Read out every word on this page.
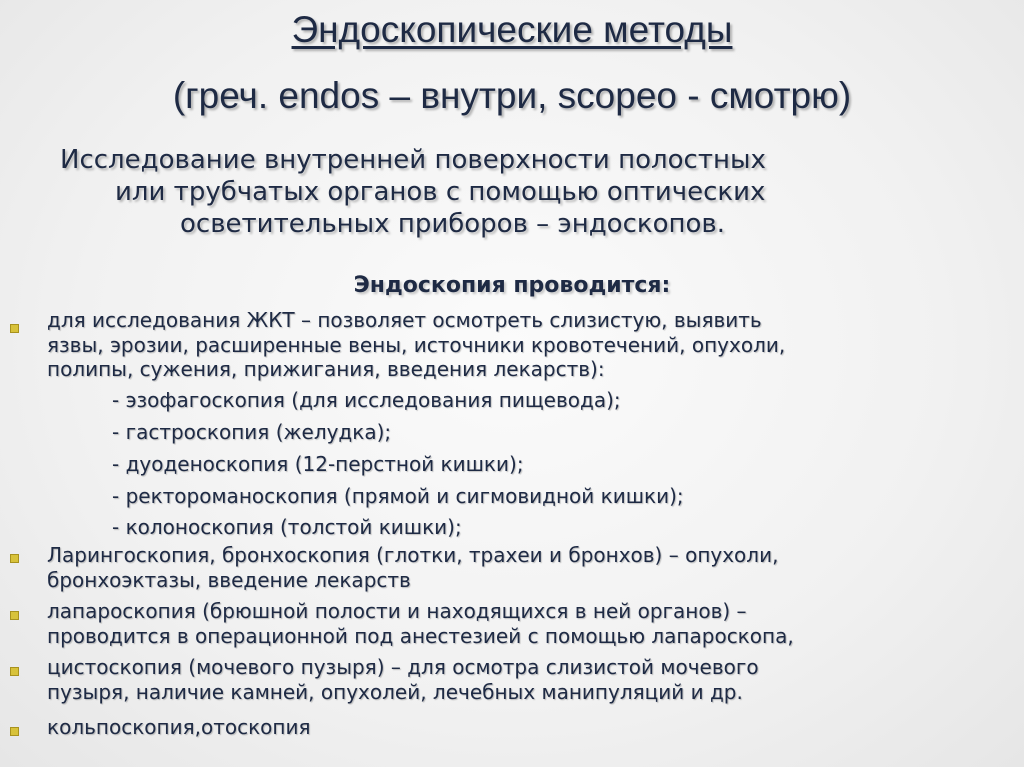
Эндоскопические методы
(греч. endos – внутри, scopeo - смотрю)
Исследование внутренней поверхности полостных
или трубчатых органов с помощью оптических
осветительных приборов – эндоскопов.
Эндоскопия проводится:
для исследования ЖКТ – позволяет осмотреть слизистую, выявить
язвы, эрозии, расширенные вены, источники кровотечений, опухоли,
полипы, сужения, прижигания, введения лекарств):
- эзофагоскопия (для исследования пищевода);
- гастроскопия (желудка);
- дуоденоскопия (12-перстной кишки);
- ректороманоскопия (прямой и сигмовидной кишки);
- колоноскопия (толстой кишки);
Ларингоскопия, бронхоскопия (глотки, трахеи и бронхов) – опухоли,
бронхоэктазы, введение лекарств
лапароскопия (брюшной полости и находящихся в ней органов) –
проводится в операционной под анестезией с помощью лапароскопа,
цистоскопия (мочевого пузыря) – для осмотра слизистой мочевого
пузыря, наличие камней, опухолей, лечебных манипуляций и др.
кольпоскопия,отоскопия
